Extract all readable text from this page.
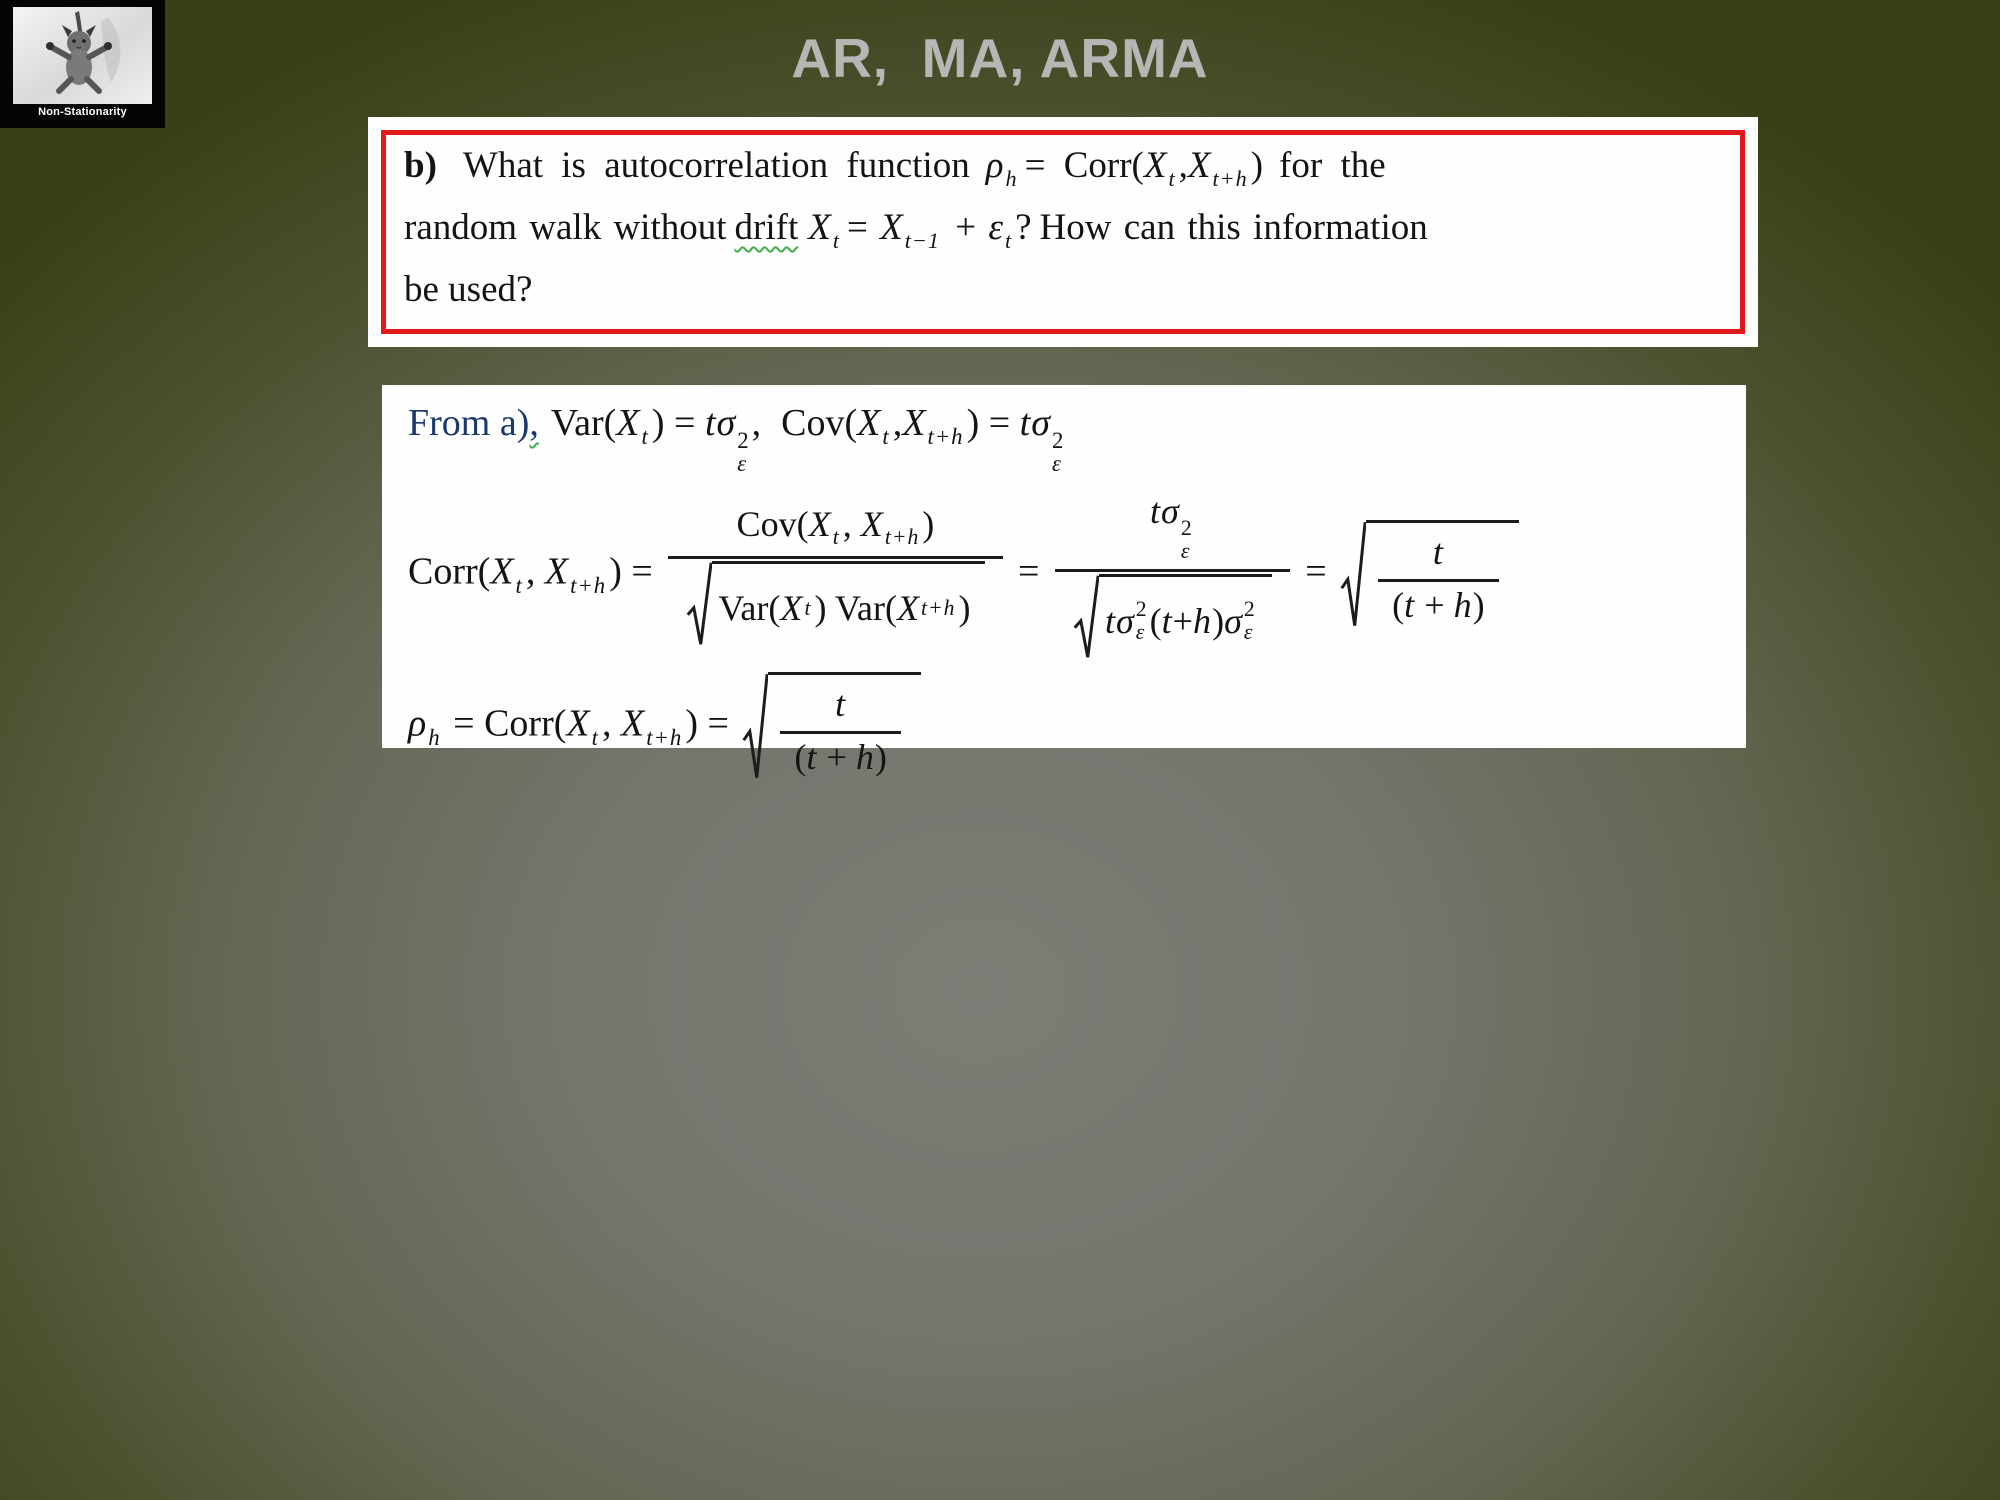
Non-Stationarity
AR,  MA, ARMA
b) What is autocorrelation function $\rho_h$ = $Corr(X_t,X_{t+h})$ for the
random walk without drift $X_t = X_{t-1} + \varepsilon_t$? How can this information
be used?
From a), $Var(X_t) = t\sigma$ 2
ε
, $Cov(X_t,X_{t+h}) = t\sigma$ 2
ε
$Corr(X_t$, $X_{t+h}) = \frac{Cov(X_t, X_{t+h})}{\text{Var( X t ) Var( X t+h )}} = t\sigma$ 2
ε
t σ 2
ε ( t + h ) σ 2
$\varepsilon = \frac{t}{(t + h)}$
$\rho_h$ = $Corr(X_t$, $X_{t+h}) = \frac{t}{(t + h)}$
